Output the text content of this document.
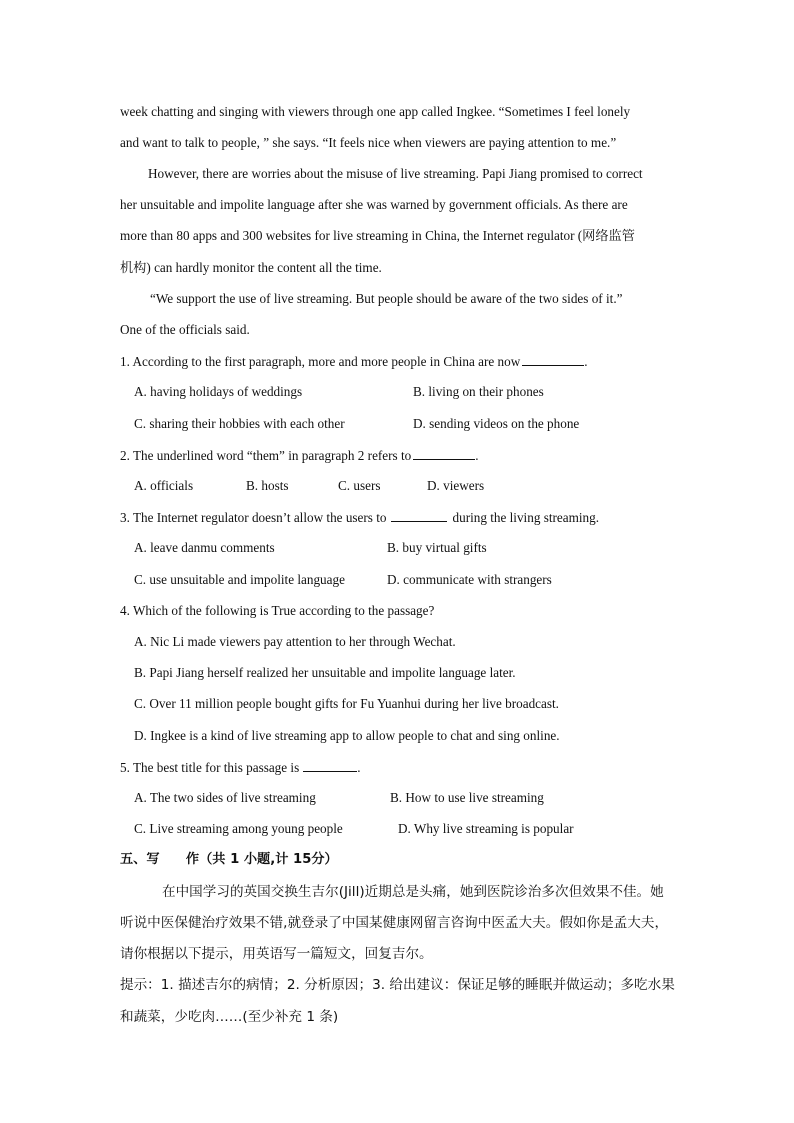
week chatting and singing with viewers through one app called Ingkee. “Sometimes I feel lonely
and want to talk to people, ” she says. “It feels nice when viewers are paying attention to me.”
However, there are worries about the misuse of live streaming. Papi Jiang promised to correct
her unsuitable and impolite language after she was warned by government officials. As there are
more than 80 apps and 300 websites for live streaming in China, the Internet regulator (网络监管
机构) can hardly monitor the content all the time.
“We support the use of live streaming. But people should be aware of the two sides of it.”
One of the officials said.
1. According to the first paragraph, more and more people in China are now	.
A. having holidays of weddings	B. living on their phones
C. sharing their hobbies with each other	D. sending videos on the phone
2. The underlined word “them” in paragraph 2 refers to	.
A. officials	B. hosts	C. users	D. viewers
3. The Internet regulator doesn’t allow the users to	during the living streaming.
A. leave danmu comments	B. buy virtual gifts
C. use unsuitable and impolite language	D. communicate with strangers
4. Which of the following is True according to the passage?
A. Nic Li made viewers pay attention to her through Wechat.
B. Papi Jiang herself realized her unsuitable and impolite language later.
C. Over 11 million people bought gifts for Fu Yuanhui during her live broadcast.
D. Ingkee is a kind of live streaming app to allow people to chat and sing online.
5. The best title for this passage is	.
A. The two sides of live streaming	B. How to use live streaming
C. Live streaming among young people	D. Why live streaming is popular
五、写　　作（共 1 小题,计 15分）
在中国学习的英国交换生吉尔(Jill)近期总是头痛，她到医院诊治多次但效果不佳。她
听说中医保健治疗效果不错,就登录了中国某健康网留言咨询中医孟大夫。假如你是孟大夫，
请你根据以下提示，用英语写一篇短文，回复吉尔。
提示：1. 描述吉尔的病情；2. 分析原因；3. 给出建议：保证足够的睡眠并做运动；多吃水果
和蔬菜，少吃肉……(至少补充 1 条)
